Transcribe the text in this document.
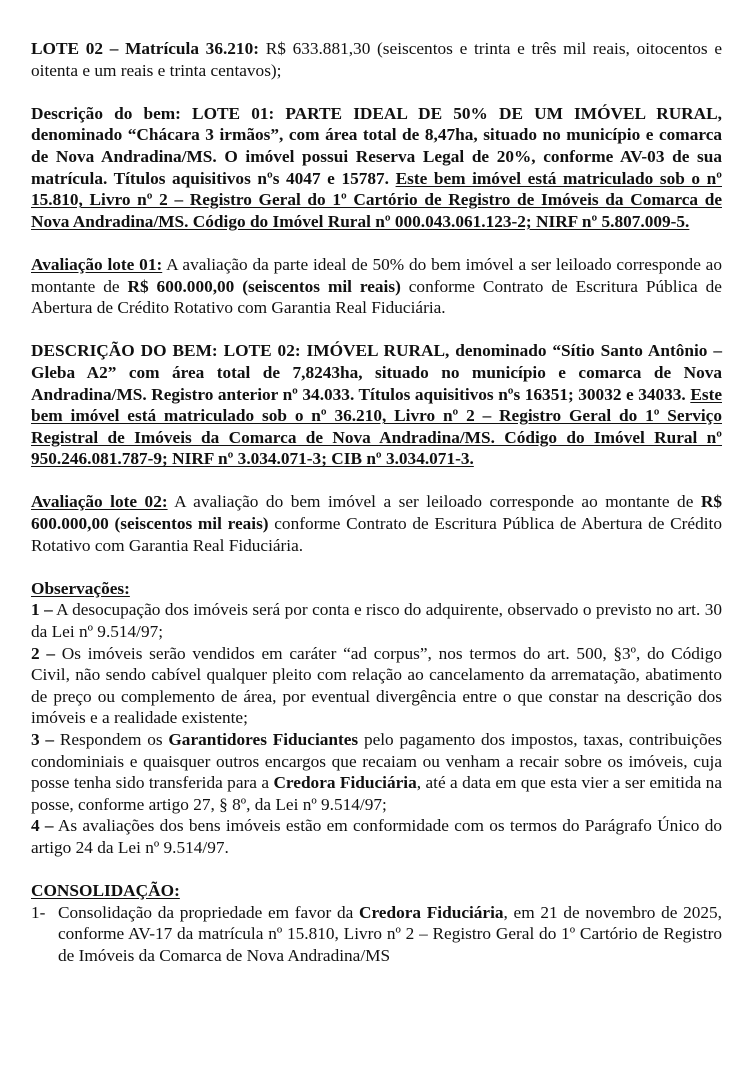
LOTE 02 – Matrícula 36.210: R$ 633.881,30 (seiscentos e trinta e três mil reais, oitocentos e oitenta e um reais e trinta centavos);

Descrição do bem: LOTE 01: PARTE IDEAL DE 50% DE UM IMÓVEL RURAL, denominado “Chácara 3 irmãos”, com área total de 8,47ha, situado no município e comarca de Nova Andradina/MS. O imóvel possui Reserva Legal de 20%, conforme AV-03 de sua matrícula. Títulos aquisitivos nºs 4047 e 15787. Este bem imóvel está matriculado sob o nº 15.810, Livro nº 2 – Registro Geral do 1º Cartório de Registro de Imóveis da Comarca de Nova Andradina/MS. Código do Imóvel Rural nº 000.043.061.123-2; NIRF nº 5.807.009-5.

Avaliação lote 01: A avaliação da parte ideal de 50% do bem imóvel a ser leiloado corresponde ao montante de R$ 600.000,00 (seiscentos mil reais) conforme Contrato de Escritura Pública de Abertura de Crédito Rotativo com Garantia Real Fiduciária.

DESCRIÇÃO DO BEM: LOTE 02: IMÓVEL RURAL, denominado “Sítio Santo Antônio – Gleba A2” com área total de 7,8243ha, situado no município e comarca de Nova Andradina/MS. Registro anterior nº 34.033. Títulos aquisitivos nºs 16351; 30032 e 34033. Este bem imóvel está matriculado sob o nº 36.210, Livro nº 2 – Registro Geral do 1º Serviço Registral de Imóveis da Comarca de Nova Andradina/MS. Código do Imóvel Rural nº 950.246.081.787-9; NIRF nº 3.034.071-3; CIB nº 3.034.071-3.

Avaliação lote 02: A avaliação do bem imóvel a ser leiloado corresponde ao montante de R$ 600.000,00 (seiscentos mil reais) conforme Contrato de Escritura Pública de Abertura de Crédito Rotativo com Garantia Real Fiduciária.

Observações:

1 – A desocupação dos imóveis será por conta e risco do adquirente, observado o previsto no art. 30 da Lei nº 9.514/97;

2 – Os imóveis serão vendidos em caráter “ad corpus”, nos termos do art. 500, §3º, do Código Civil, não sendo cabível qualquer pleito com relação ao cancelamento da arrematação, abatimento de preço ou complemento de área, por eventual divergência entre o que constar na descrição dos imóveis e a realidade existente;

3 – Respondem os Garantidores Fiduciantes pelo pagamento dos impostos, taxas, contribuições condominiais e quaisquer outros encargos que recaiam ou venham a recair sobre os imóveis, cuja posse tenha sido transferida para a Credora Fiduciária, até a data em que esta vier a ser emitida na posse, conforme artigo 27, § 8º, da Lei nº 9.514/97;

4 – As avaliações dos bens imóveis estão em conformidade com os termos do Parágrafo Único do artigo 24 da Lei nº 9.514/97.

CONSOLIDAÇÃO:
1- Consolidação da propriedade em favor da Credora Fiduciária, em 21 de novembro de 2025, conforme AV-17 da matrícula nº 15.810, Livro nº 2 – Registro Geral do 1º Cartório de Registro de Imóveis da Comarca de Nova Andradina/MS
